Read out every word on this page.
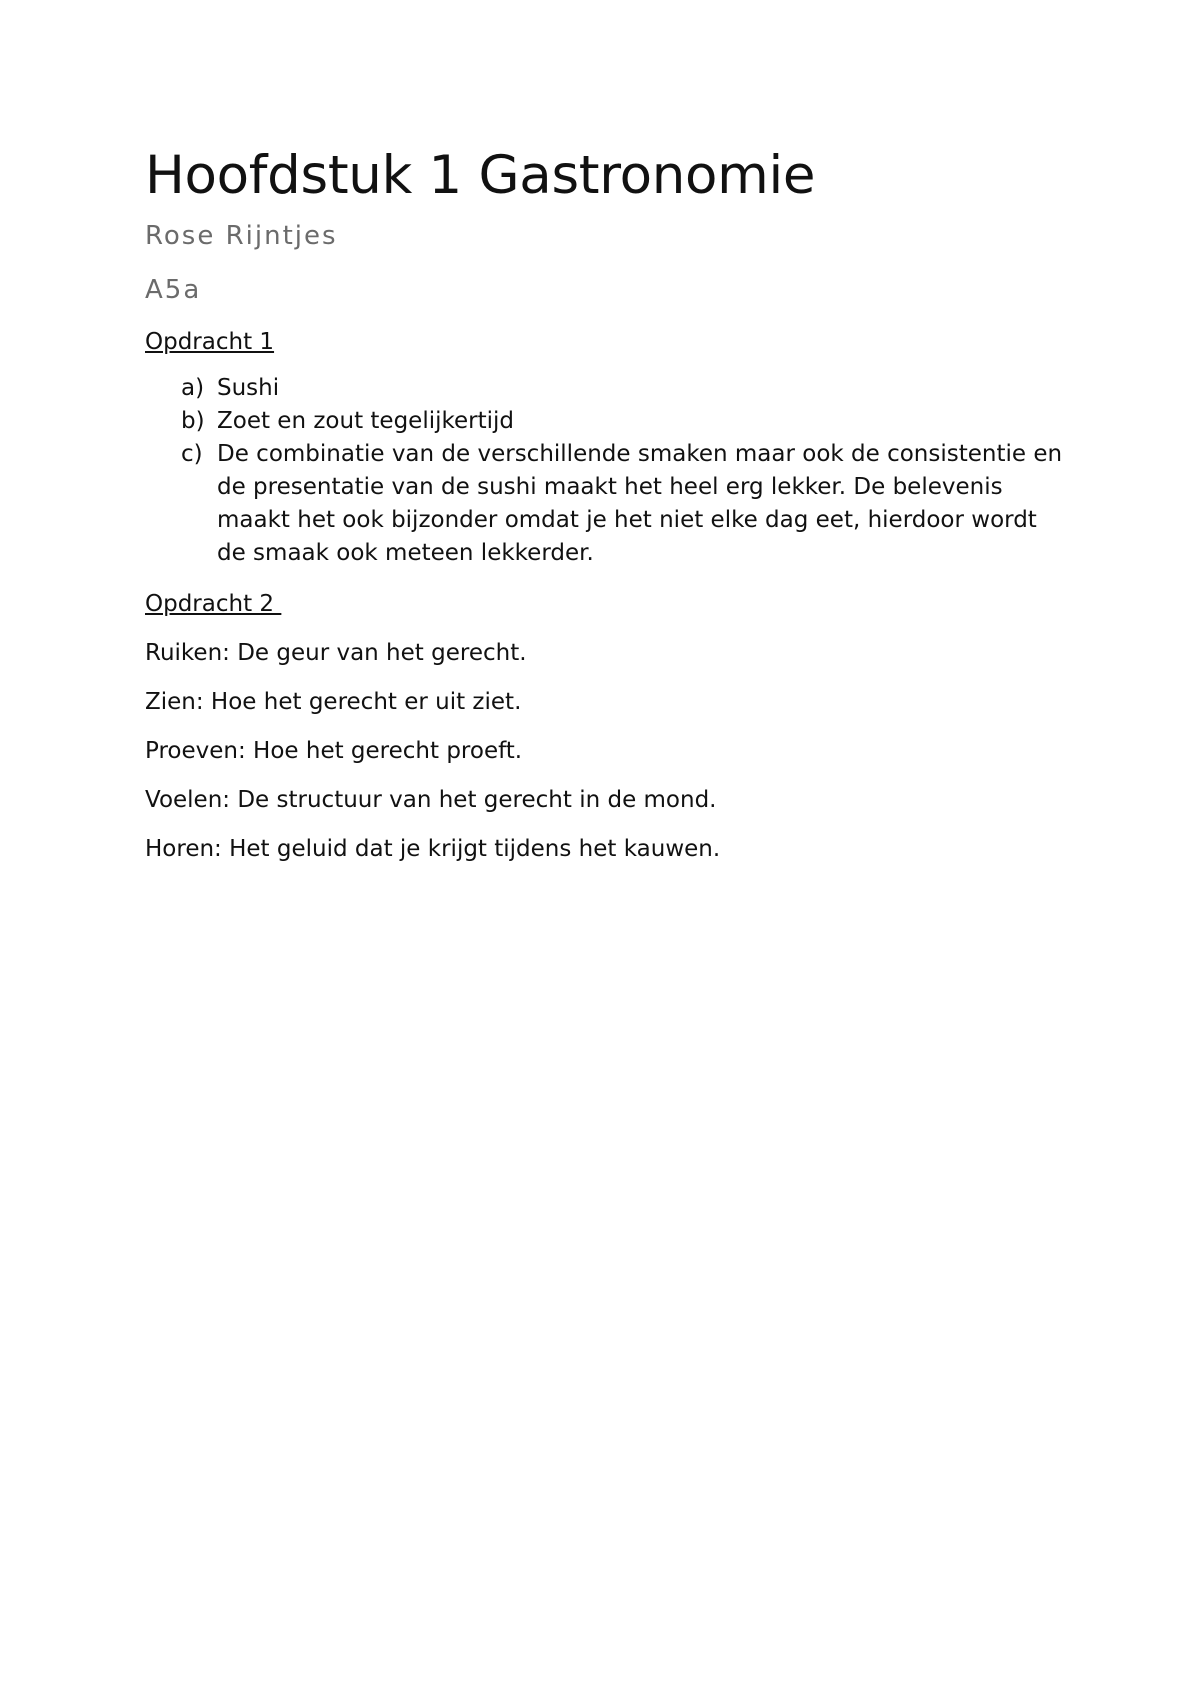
Hoofdstuk 1 Gastronomie
Rose Rijntjes
A5a
Opdracht 1
a) Sushi
b) Zoet en zout tegelijkertijd
c) De combinatie van de verschillende smaken maar ook de consistentie en de presentatie van de sushi maakt het heel erg lekker. De belevenis maakt het ook bijzonder omdat je het niet elke dag eet, hierdoor wordt de smaak ook meteen lekkerder.
Opdracht 2

Ruiken: De geur van het gerecht.

Zien: Hoe het gerecht er uit ziet.

Proeven: Hoe het gerecht proeft.

Voelen: De structuur van het gerecht in de mond.

Horen: Het geluid dat je krijgt tijdens het kauwen.
